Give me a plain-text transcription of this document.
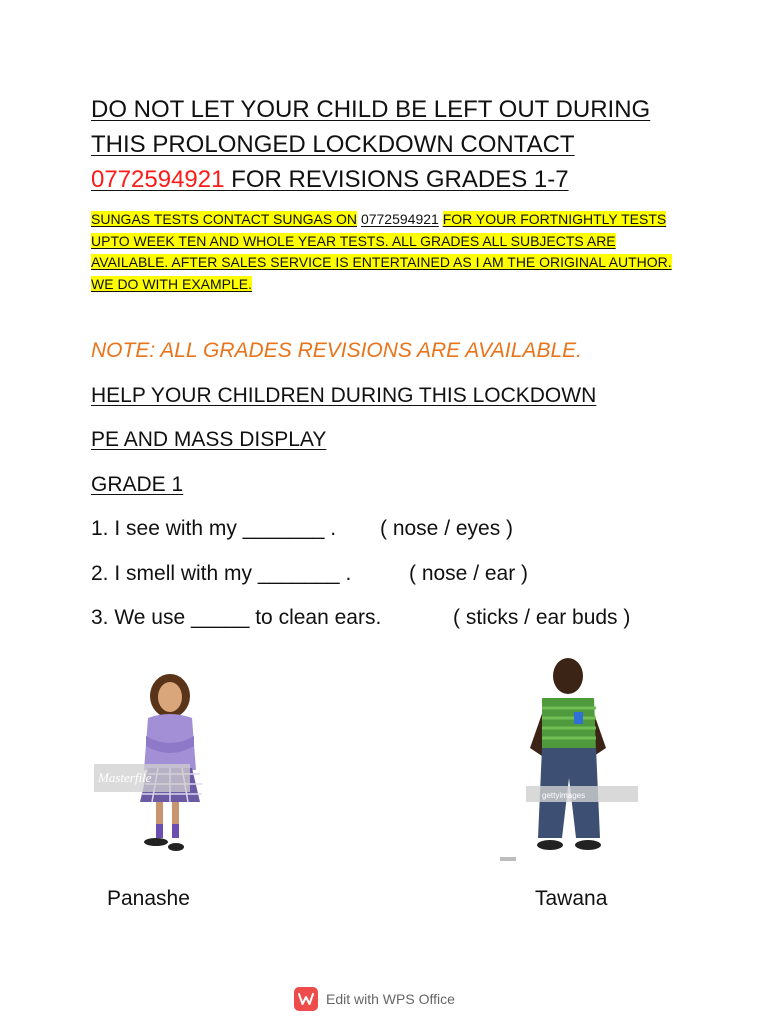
DO NOT LET YOUR CHILD BE LEFT OUT DURING
THIS PROLONGED LOCKDOWN CONTACT
0772594921 FOR REVISIONS GRADES 1-7
SUNGAS TESTS CONTACT SUNGAS ON 0772594921 FOR YOUR FORTNIGHTLY TESTS
UPTO WEEK TEN AND WHOLE YEAR TESTS. ALL GRADES ALL SUBJECTS ARE
AVAILABLE. AFTER SALES SERVICE IS ENTERTAINED AS I AM THE ORIGINAL AUTHOR.
WE DO WITH EXAMPLE.
NOTE: ALL GRADES REVISIONS ARE AVAILABLE.
HELP YOUR CHILDREN DURING THIS LOCKDOWN
PE AND MASS DISPLAY
GRADE 1
1. I see with my _______ . ( nose / eyes )
2. I smell with my _______ .	( nose / ear )
3. We use _____ to clean ears.	( sticks / ear buds )
Masterfile
gettyimages
Panashe	Tawana
Edit with WPS Office
